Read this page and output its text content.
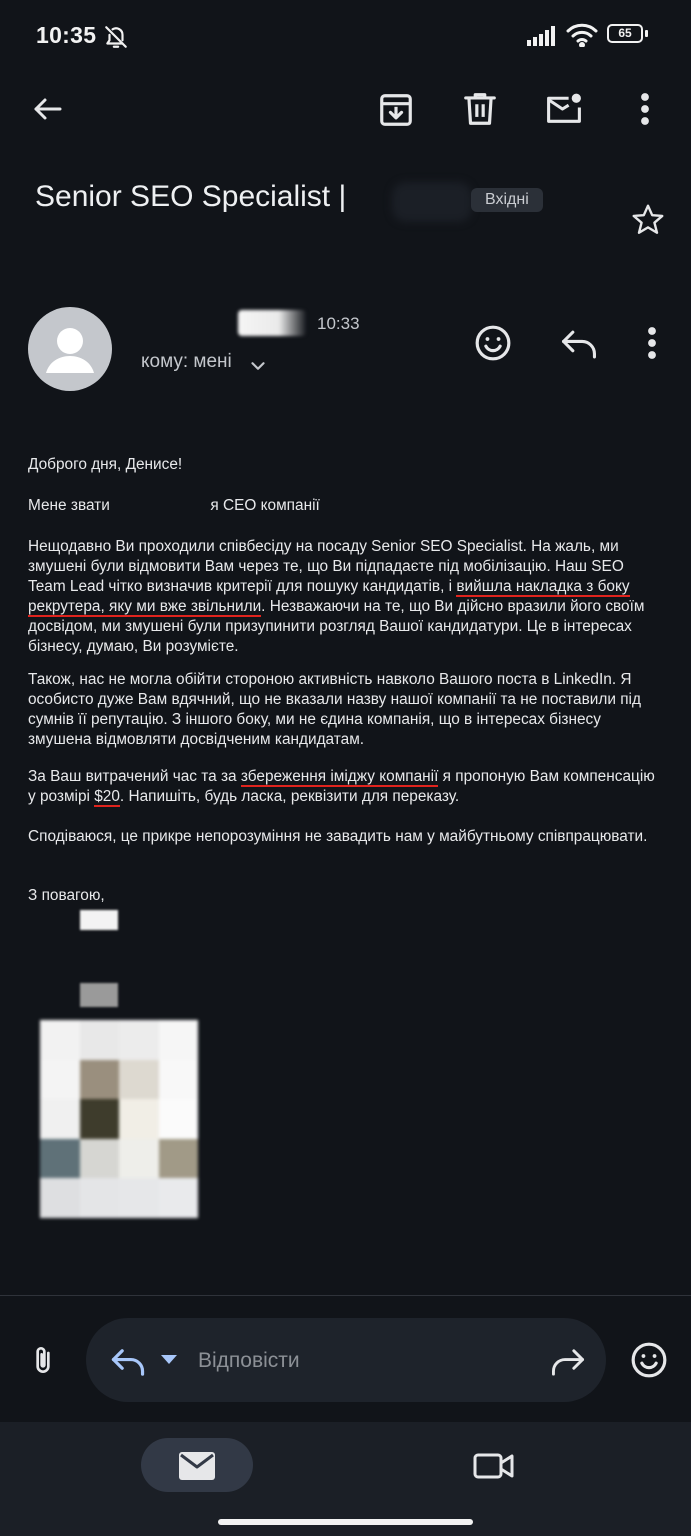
10:35	65
Senior SEO Specialist |	Вхідні
10:33
кому: мені
Доброго дня, Денисе!
Мене звати	я CEO компанії
Нещодавно Ви проходили співбесіду на посаду Senior SEO Specialist. На жаль, ми змушені були відмовити Вам через те, що Ви підпадаєте під мобілізацію. Наш SEO Team Lead чітко визначив критерії для пошуку кандидатів, і вийшла накладка з боку рекрутера, яку ми вже звільнили. Незважаючи на те, що Ви дійсно вразили його своїм досвідом, ми змушені були призупинити розгляд Вашої кандидатури. Це в інтересах бізнесу, думаю, Ви розумієте.
Також, нас не могла обійти стороною активність навколо Вашого поста в LinkedIn. Я особисто дуже Вам вдячний, що не вказали назву нашої компанії та не поставили під сумнів її репутацію. З іншого боку, ми не єдина компанія, що в інтересах бізнесу змушена відмовляти досвідченим кандидатам.
За Ваш витрачений час та за збереження іміджу компанії я пропоную Вам компенсацію у розмірі $20. Напишіть, будь ласка, реквізити для переказу.
Сподіваюся, це прикре непорозуміння не завадить нам у майбутньому співпрацювати.
З повагою,
Відповісти
